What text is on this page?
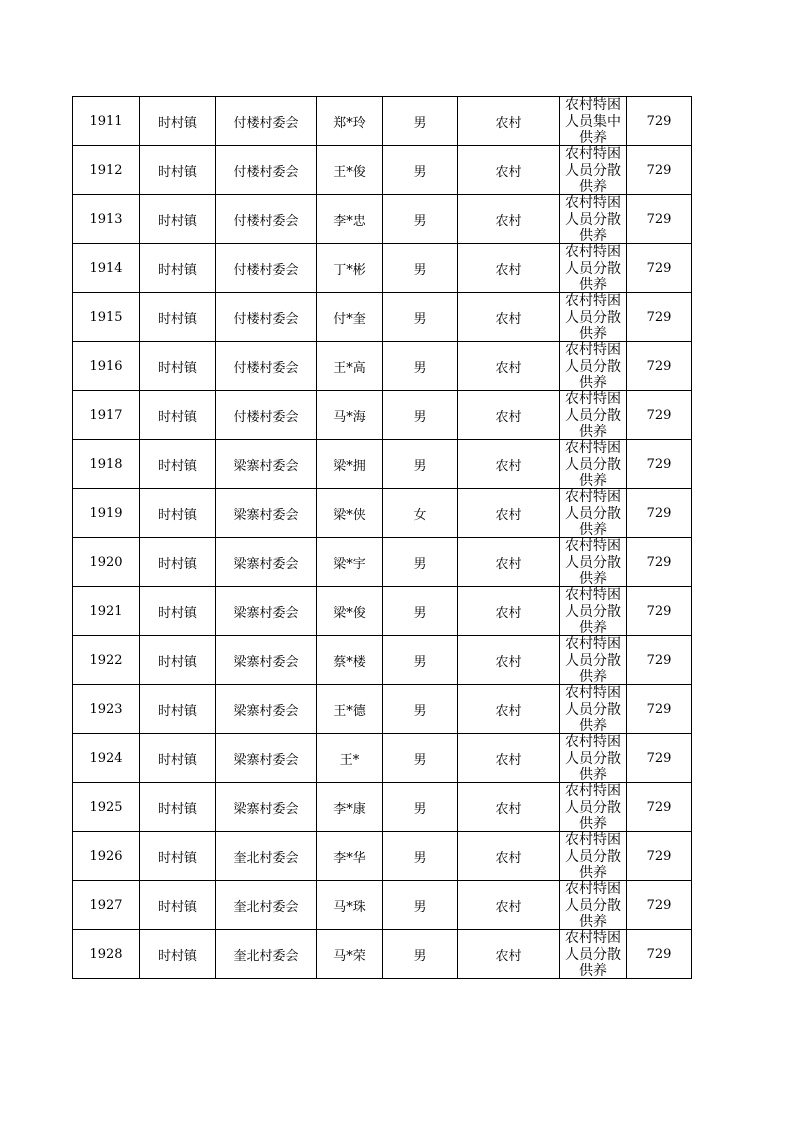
1911	时村镇	付楼村委会	郑*玲	男	农村	农村特困人员集中供养	729
1912	时村镇	付楼村委会	王*俊	男	农村	农村特困人员分散供养	729
1913	时村镇	付楼村委会	李*忠	男	农村	农村特困人员分散供养	729
1914	时村镇	付楼村委会	丁*彬	男	农村	农村特困人员分散供养	729
1915	时村镇	付楼村委会	付*奎	男	农村	农村特困人员分散供养	729
1916	时村镇	付楼村委会	王*高	男	农村	农村特困人员分散供养	729
1917	时村镇	付楼村委会	马*海	男	农村	农村特困人员分散供养	729
1918	时村镇	梁寨村委会	梁*拥	男	农村	农村特困人员分散供养	729
1919	时村镇	梁寨村委会	梁*侠	女	农村	农村特困人员分散供养	729
1920	时村镇	梁寨村委会	梁*宇	男	农村	农村特困人员分散供养	729
1921	时村镇	梁寨村委会	梁*俊	男	农村	农村特困人员分散供养	729
1922	时村镇	梁寨村委会	蔡*楼	男	农村	农村特困人员分散供养	729
1923	时村镇	梁寨村委会	王*德	男	农村	农村特困人员分散供养	729
1924	时村镇	梁寨村委会	王*	男	农村	农村特困人员分散供养	729
1925	时村镇	梁寨村委会	李*康	男	农村	农村特困人员分散供养	729
1926	时村镇	奎北村委会	李*华	男	农村	农村特困人员分散供养	729
1927	时村镇	奎北村委会	马*珠	男	农村	农村特困人员分散供养	729
1928	时村镇	奎北村委会	马*荣	男	农村	农村特困人员分散供养	729
